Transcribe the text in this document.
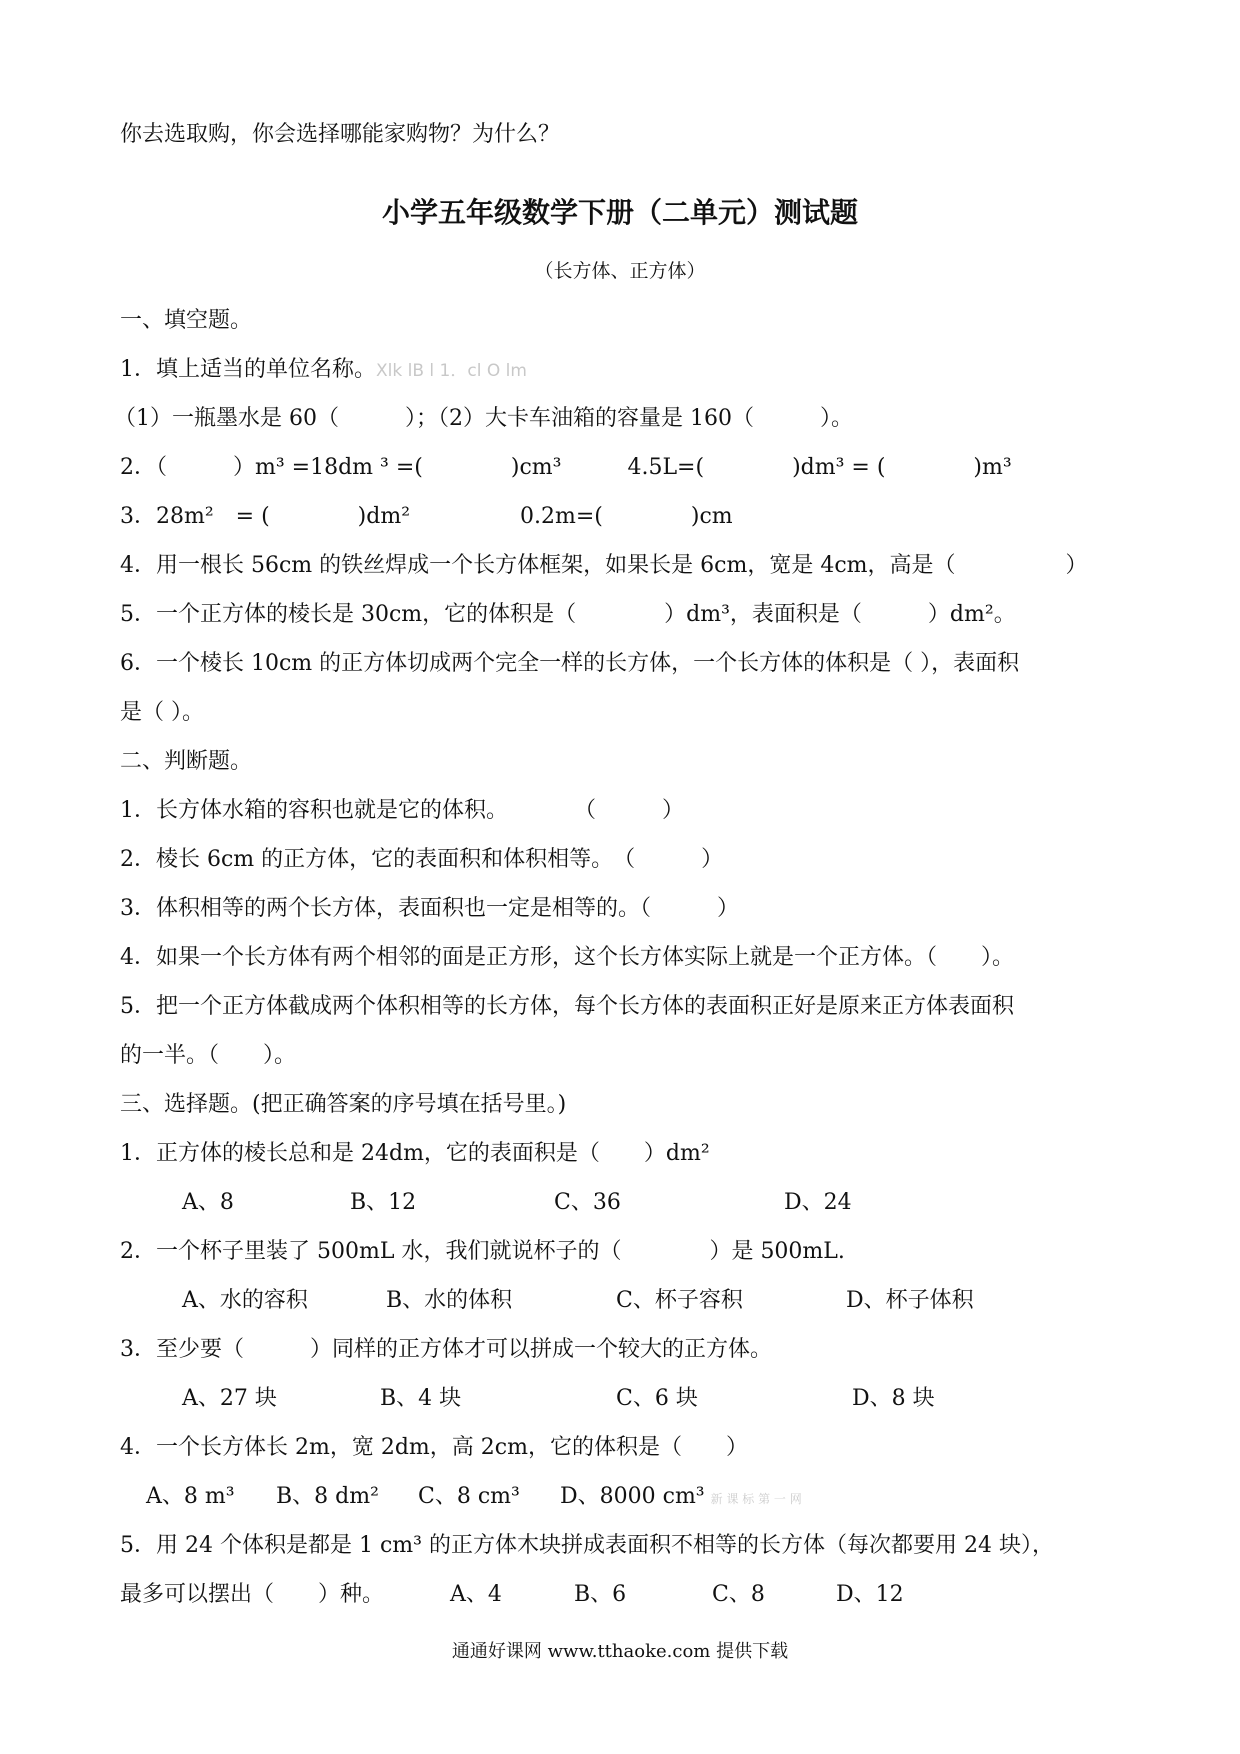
你去选取购，你会选择哪能家购物？为什么？
小学五年级数学下册（二单元）测试题
（长方体、正方体）
一、填空题。
1．填上适当的单位名称。Xlk lB l 1．cl O lm
（1）一瓶墨水是 60（　　　）；（2）大卡车油箱的容量是 160（　　　）。
2．（　　　）m³ =18dm ³ =(　　　　)cm³　　　4.5L=(　　　　)dm³ = (　　　　)m³
3．28m²　= (　　　　)dm²　　　　　0.2m=(　　　　)cm
4．用一根长 56cm 的铁丝焊成一个长方体框架，如果长是 6cm，宽是 4cm，高是（　　　　　）
5．一个正方体的棱长是 30cm，它的体积是（　　　　）dm³，表面积是（　　　）dm²。
6．一个棱长 10cm 的正方体切成两个完全一样的长方体，一个长方体的体积是（ ），表面积
是（ ）。
二、判断题。
1．长方体水箱的容积也就是它的体积。　　　　（　　　）
2．棱长 6cm 的正方体，它的表面积和体积相等。　（　　　）
3．体积相等的两个长方体，表面积也一定是相等的。（　　　）
4．如果一个长方体有两个相邻的面是正方形，这个长方体实际上就是一个正方体。（　　）。
5．把一个正方体截成两个体积相等的长方体，每个长方体的表面积正好是原来正方体表面积
的一半。（　　）。
三、选择题。(把正确答案的序号填在括号里。)
1．正方体的棱长总和是 24dm，它的表面积是（　　）dm²
A、8	B、12	C、36	D、24
2．一个杯子里装了 500mL 水，我们就说杯子的（　　　　）是 500mL.
A、水的容积	B、水的体积	C、杯子容积	D、杯子体积
3．至少要（　　　）同样的正方体才可以拼成一个较大的正方体。
A、27 块	B、4 块	C、6 块	D、8 块
4．一个长方体长 2m，宽 2dm，高 2cm，它的体积是（　　）
A、8 m³ B、8 dm² C、8 cm³ D、8000 cm³ 新 课 标 第 一 网
5．用 24 个体积是都是 1 cm³ 的正方体木块拼成表面积不相等的长方体（每次都要用 24 块），
最多可以摆出（　　）种。	A、4	B、6	C、8	D、12
通通好课网 www.tthaoke.com 提供下载
